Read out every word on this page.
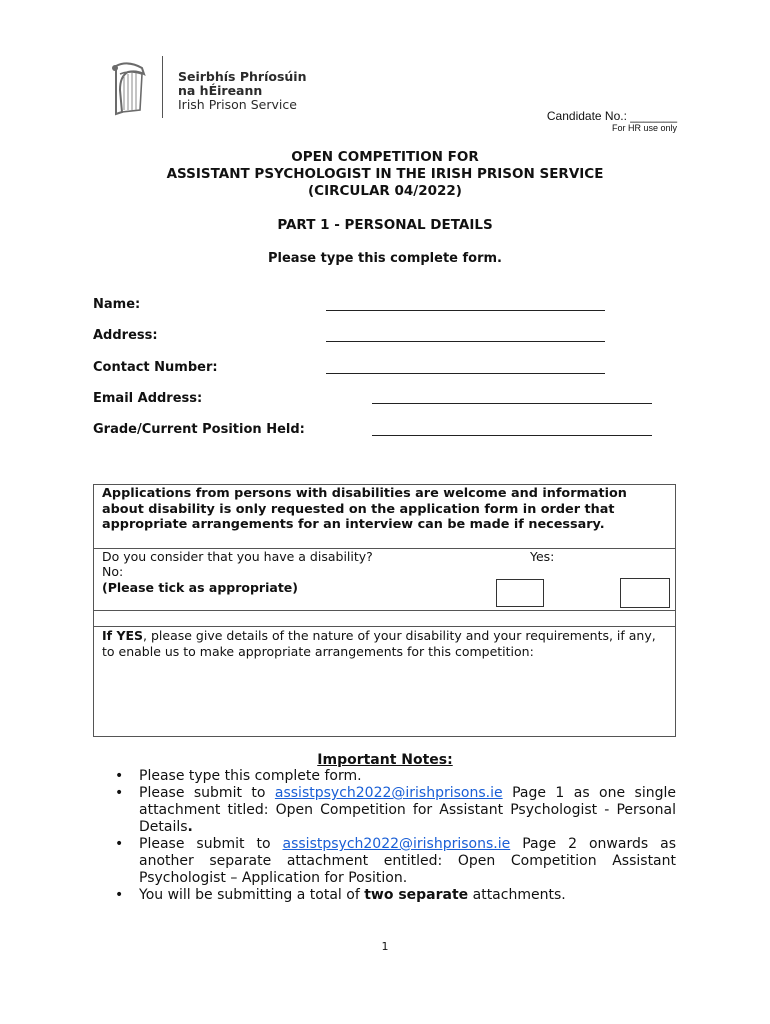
Seirbhís Phríosúin
na hÉireann
Irish Prison Service
Candidate No.: _______
For HR use only
OPEN COMPETITION FOR
ASSISTANT PSYCHOLOGIST IN THE IRISH PRISON SERVICE
(CIRCULAR 04/2022)
PART 1 - PERSONAL DETAILS
Please type this complete form.
Name:
Address:
Contact Number:
Email Address:
Grade/Current Position Held:
Applications from persons with disabilities are welcome and information about disability is only requested on the application form in order that appropriate arrangements for an interview can be made if necessary.
Do you consider that you have a disability?	Yes:
No:
(Please tick as appropriate)
If YES, please give details of the nature of your disability and your requirements, if any, to enable us to make appropriate arrangements for this competition:
Important Notes:
• Please type this complete form.
• Please submit to assistpsych2022@irishprisons.ie Page 1 as one single attachment titled: Open Competition for Assistant Psychologist - Personal Details.
• Please submit to assistpsych2022@irishprisons.ie Page 2 onwards as another separate attachment entitled: Open Competition Assistant Psychologist – Application for Position.
• You will be submitting a total of two separate attachments.
1
